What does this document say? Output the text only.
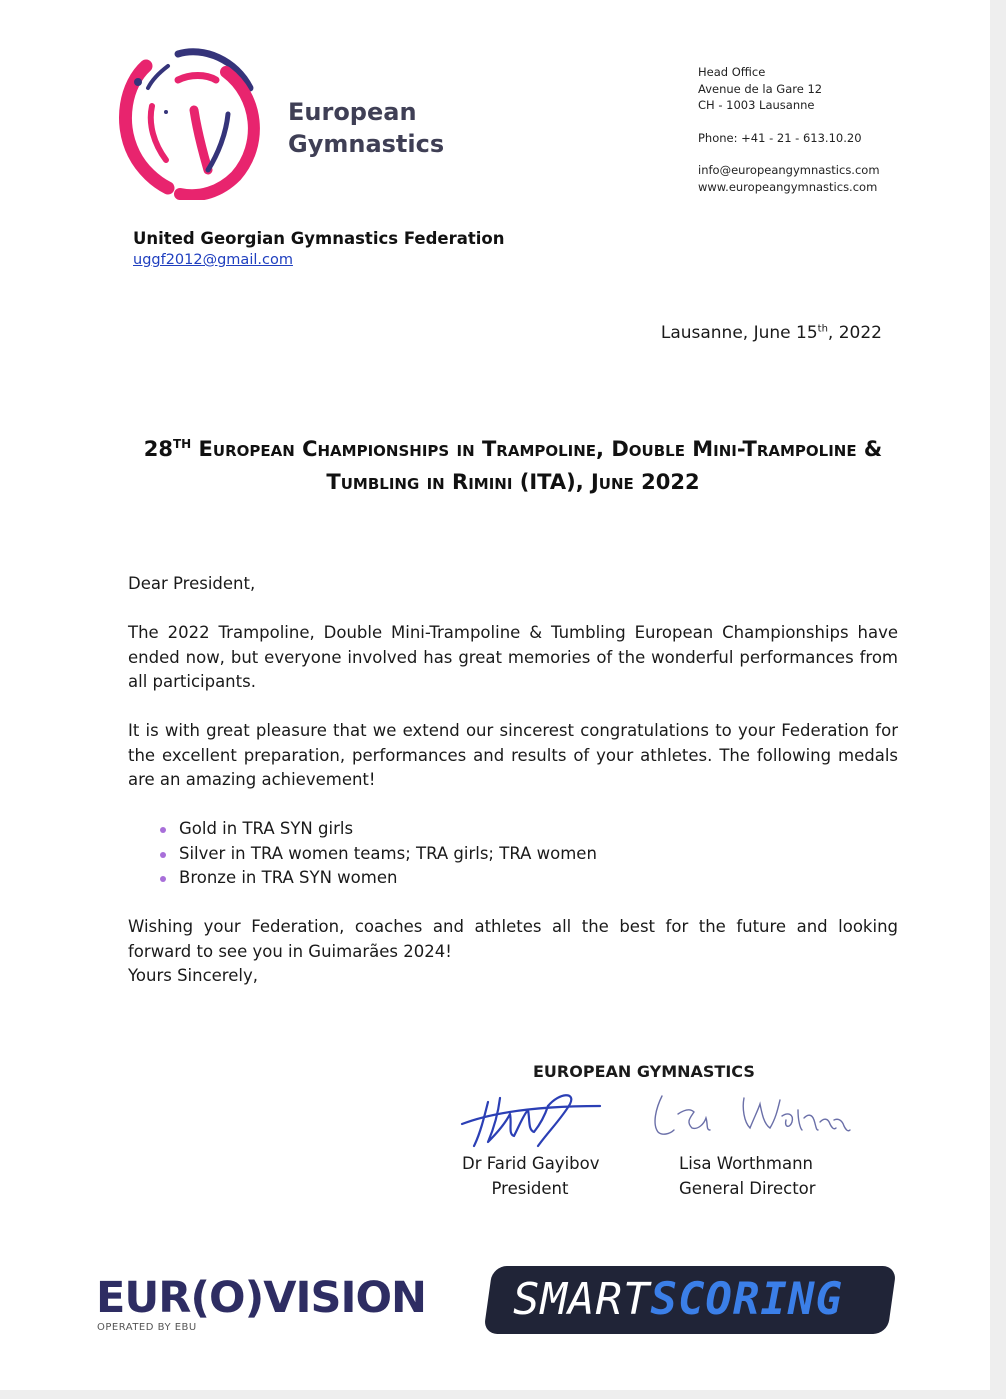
European
Gymnastics
Head Office
Avenue de la Gare 12
CH - 1003 Lausanne
Phone: +41 - 21 - 613.10.20
info@europeangymnastics.com
www.europeangymnastics.com
United Georgian Gymnastics Federation
uggf2012@gmail.com
Lausanne, June 15th, 2022
28TH European Championships in Trampoline, Double Mini-Trampoline &
Tumbling in Rimini (ITA), June 2022

Dear President,

The 2022 Trampoline, Double Mini-Trampoline & Tumbling European Championships have ended now, but everyone involved has great memories of the wonderful performances from all participants.

It is with great pleasure that we extend our sincerest congratulations to your Federation for the excellent preparation, performances and results of your athletes. The following medals are an amazing achievement!

Gold in TRA SYN girls
Silver in TRA women teams; TRA girls; TRA women
Bronze in TRA SYN women

Wishing your Federation, coaches and athletes all the best for the future and looking forward to see you in Guimarães 2024!

Yours Sincerely,

EUROPEAN GYMNASTICS
Dr Farid Gayibov
President
Lisa Worthmann
General Director
EUR(O)VISION
OPERATED BY EBU
SMARTSCORING
